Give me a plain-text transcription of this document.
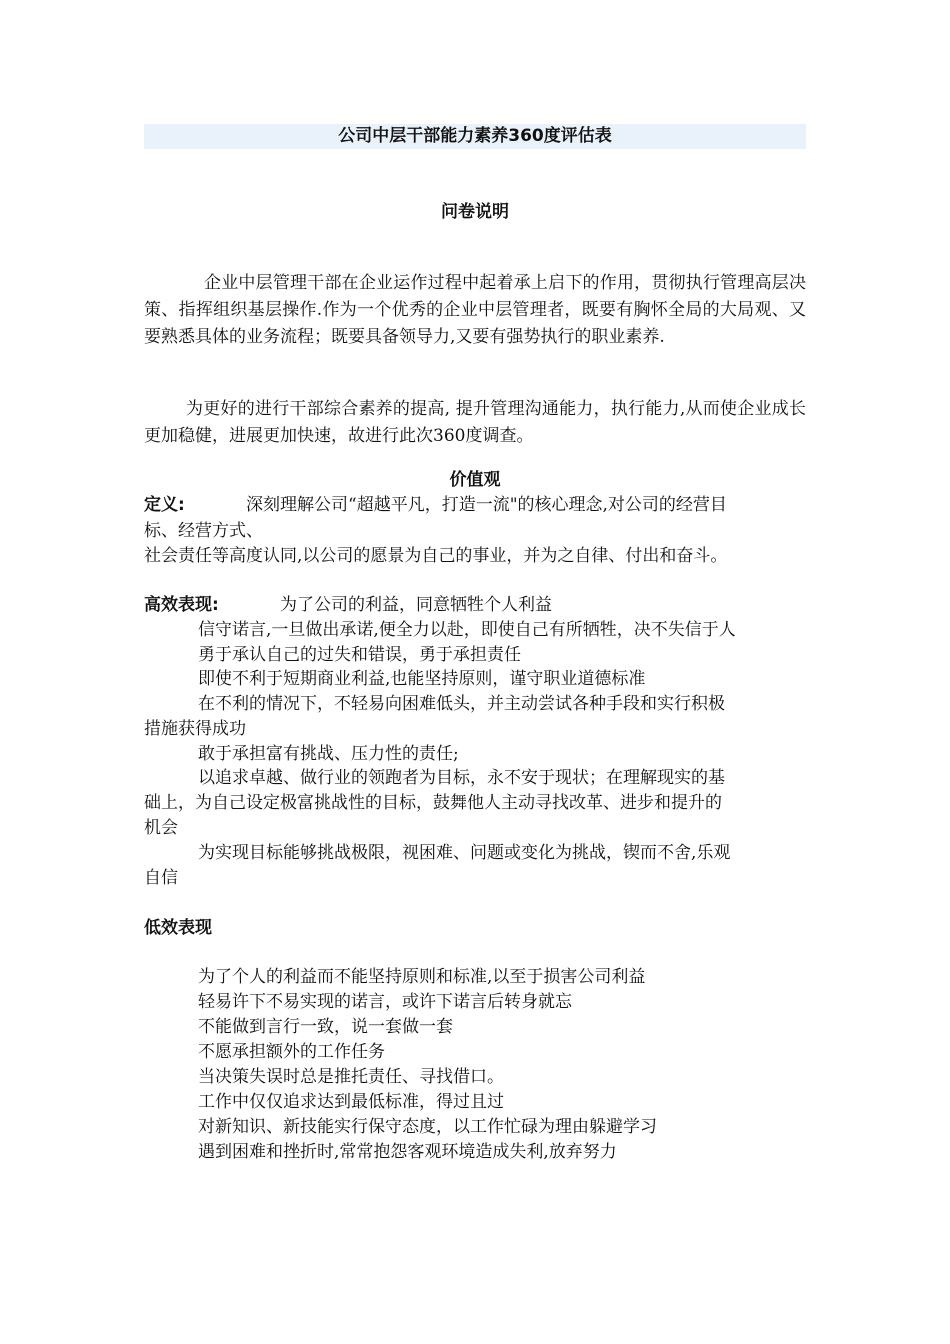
公司中层干部能力素养360度评估表
问卷说明
企业中层管理干部在企业运作过程中起着承上启下的作用，贯彻执行管理高层决策、指挥组织基层操作.作为一个优秀的企业中层管理者，既要有胸怀全局的大局观、又要熟悉具体的业务流程；既要具备领导力,又要有强势执行的职业素养.
为更好的进行干部综合素养的提高, 提升管理沟通能力，执行能力,从而使企业成长更加稳健，进展更加快速，故进行此次360度调查。
价值观
定义:	深刻理解公司“超越平凡，打造一流"的核心理念,对公司的经营目
标、经营方式、
社会责任等高度认同,以公司的愿景为自己的事业，并为之自律、付出和奋斗。
高效表现:	为了公司的利益，同意牺牲个人利益
信守诺言,一旦做出承诺,便全力以赴，即使自己有所牺牲，决不失信于人
勇于承认自己的过失和错误，勇于承担责任
即使不利于短期商业利益,也能坚持原则，谨守职业道德标准
在不利的情况下，不轻易向困难低头，并主动尝试各种手段和实行积极
措施获得成功
敢于承担富有挑战、压力性的责任;
以追求卓越、做行业的领跑者为目标，永不安于现状；在理解现实的基
础上，为自己设定极富挑战性的目标，鼓舞他人主动寻找改革、进步和提升的
机会
为实现目标能够挑战极限，视困难、问题或变化为挑战，锲而不舍,乐观
自信
低效表现
为了个人的利益而不能坚持原则和标准,以至于损害公司利益
轻易许下不易实现的诺言，或许下诺言后转身就忘
不能做到言行一致，说一套做一套
不愿承担额外的工作任务
当决策失误时总是推托责任、寻找借口。
工作中仅仅追求达到最低标准，得过且过
对新知识、新技能实行保守态度，以工作忙碌为理由躲避学习
遇到困难和挫折时,常常抱怨客观环境造成失利,放弃努力
